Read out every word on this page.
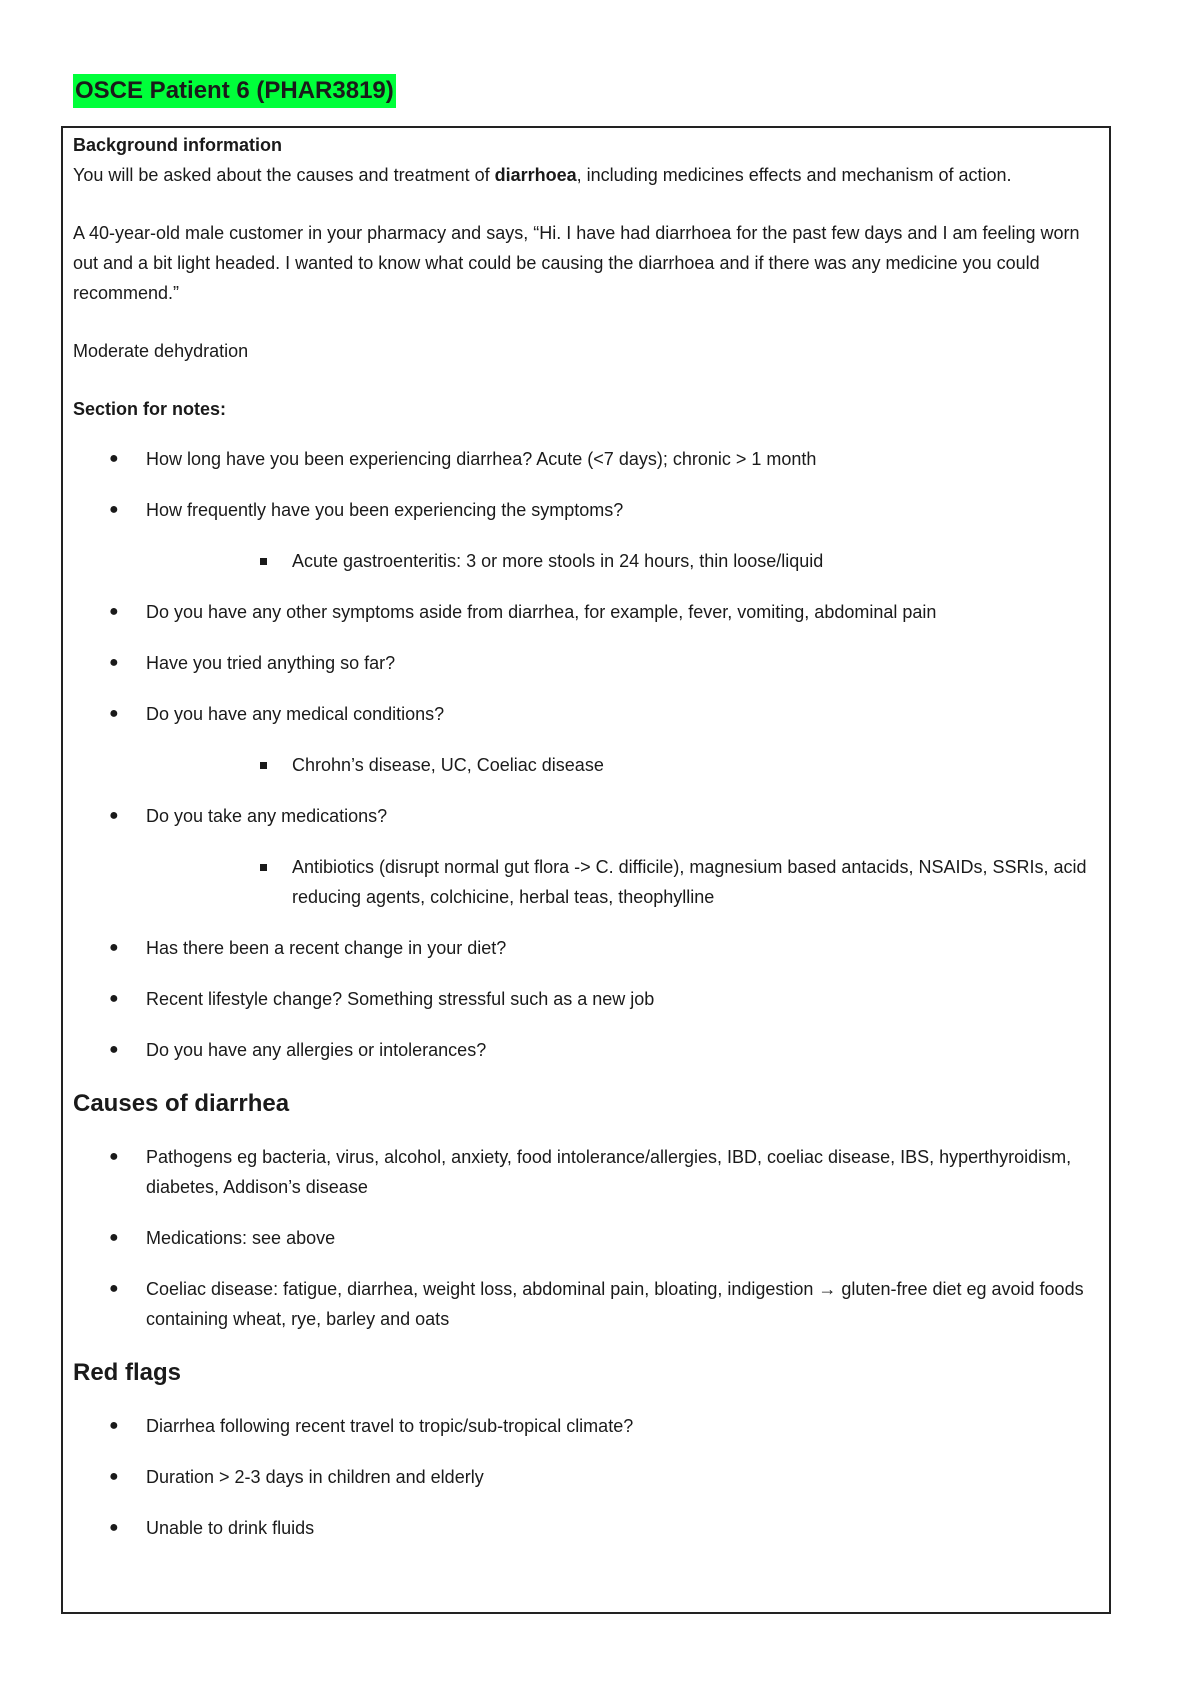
OSCE Patient 6 (PHAR3819)

Background information

You will be asked about the causes and treatment of diarrhoea, including medicines effects and mechanism of action.

A 40-year-old male customer in your pharmacy and says, “Hi. I have had diarrhoea for the past few days and I am feeling worn out and a bit light headed. I wanted to know what could be causing the diarrhoea and if there was any medicine you could recommend.”

Moderate dehydration

Section for notes:

● How long have you been experiencing diarrhea? Acute (<7 days); chronic > 1 month
● How frequently have you been experiencing the symptoms?
Acute gastroenteritis: 3 or more stools in 24 hours, thin loose/liquid
● Do you have any other symptoms aside from diarrhea, for example, fever, vomiting, abdominal pain
● Have you tried anything so far?
● Do you have any medical conditions?
Chrohn’s disease, UC, Coeliac disease
● Do you take any medications?
Antibiotics (disrupt normal gut flora -> C. difficile), magnesium based antacids, NSAIDs, SSRIs, acid reducing agents, colchicine, herbal teas, theophylline
● Has there been a recent change in your diet?
● Recent lifestyle change? Something stressful such as a new job
● Do you have any allergies or intolerances?
Causes of diarrhea
● Pathogens eg bacteria, virus, alcohol, anxiety, food intolerance/allergies, IBD, coeliac disease, IBS, hyperthyroidism, diabetes, Addison’s disease
● Medications: see above
● Coeliac disease: fatigue, diarrhea, weight loss, abdominal pain, bloating, indigestion → gluten-free diet eg avoid foods containing wheat, rye, barley and oats
Red flags
● Diarrhea following recent travel to tropic/sub-tropical climate?
● Duration > 2-3 days in children and elderly
● Unable to drink fluids
